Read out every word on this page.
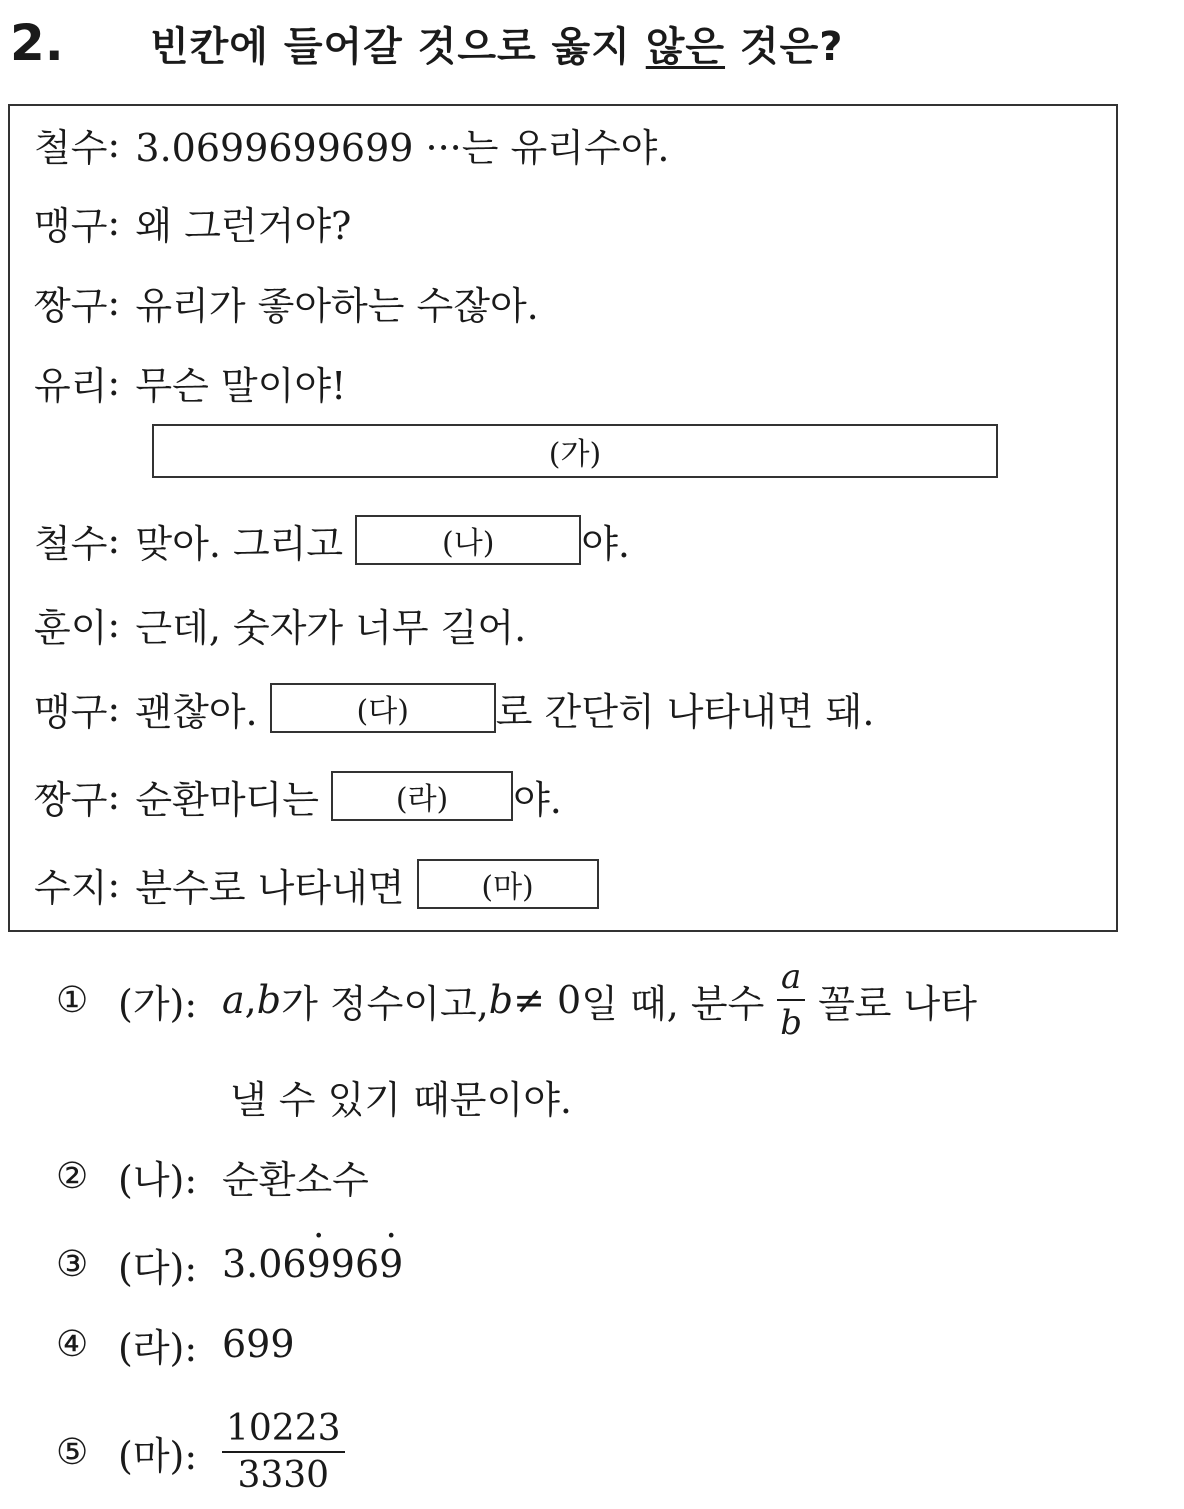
2.	빈칸에 들어갈 것으로 옳지 않은 것은?
철수 : 3.0699699699 ···는 유리수야.
맹구 : 왜 그런거야?
짱구 : 유리가 좋아하는 수잖아.
유리 : 무슨 말이야!
(가)
철수 : 맞아. 그리고
	(나)	야.
훈이 : 근데, 숫자가 너무 길어.
맹구 : 괜찮아.
	(다)	로 간단히 나타내면 돼.
짱구 : 순환마디는
	(라)	야.
수지 : 분수로 나타내면
	(마)
① (가): a , b 가 정수이고, b ≠ 0 일 때, 분수 $\frac{a}{b}$ 꼴로 나타
낼 수 있기 때문이야.
② (나): 순환소수
③ (다): 3.069 ·969 ·
④ (라): 699
⑤ (마): $\frac{10223}{3330}$
